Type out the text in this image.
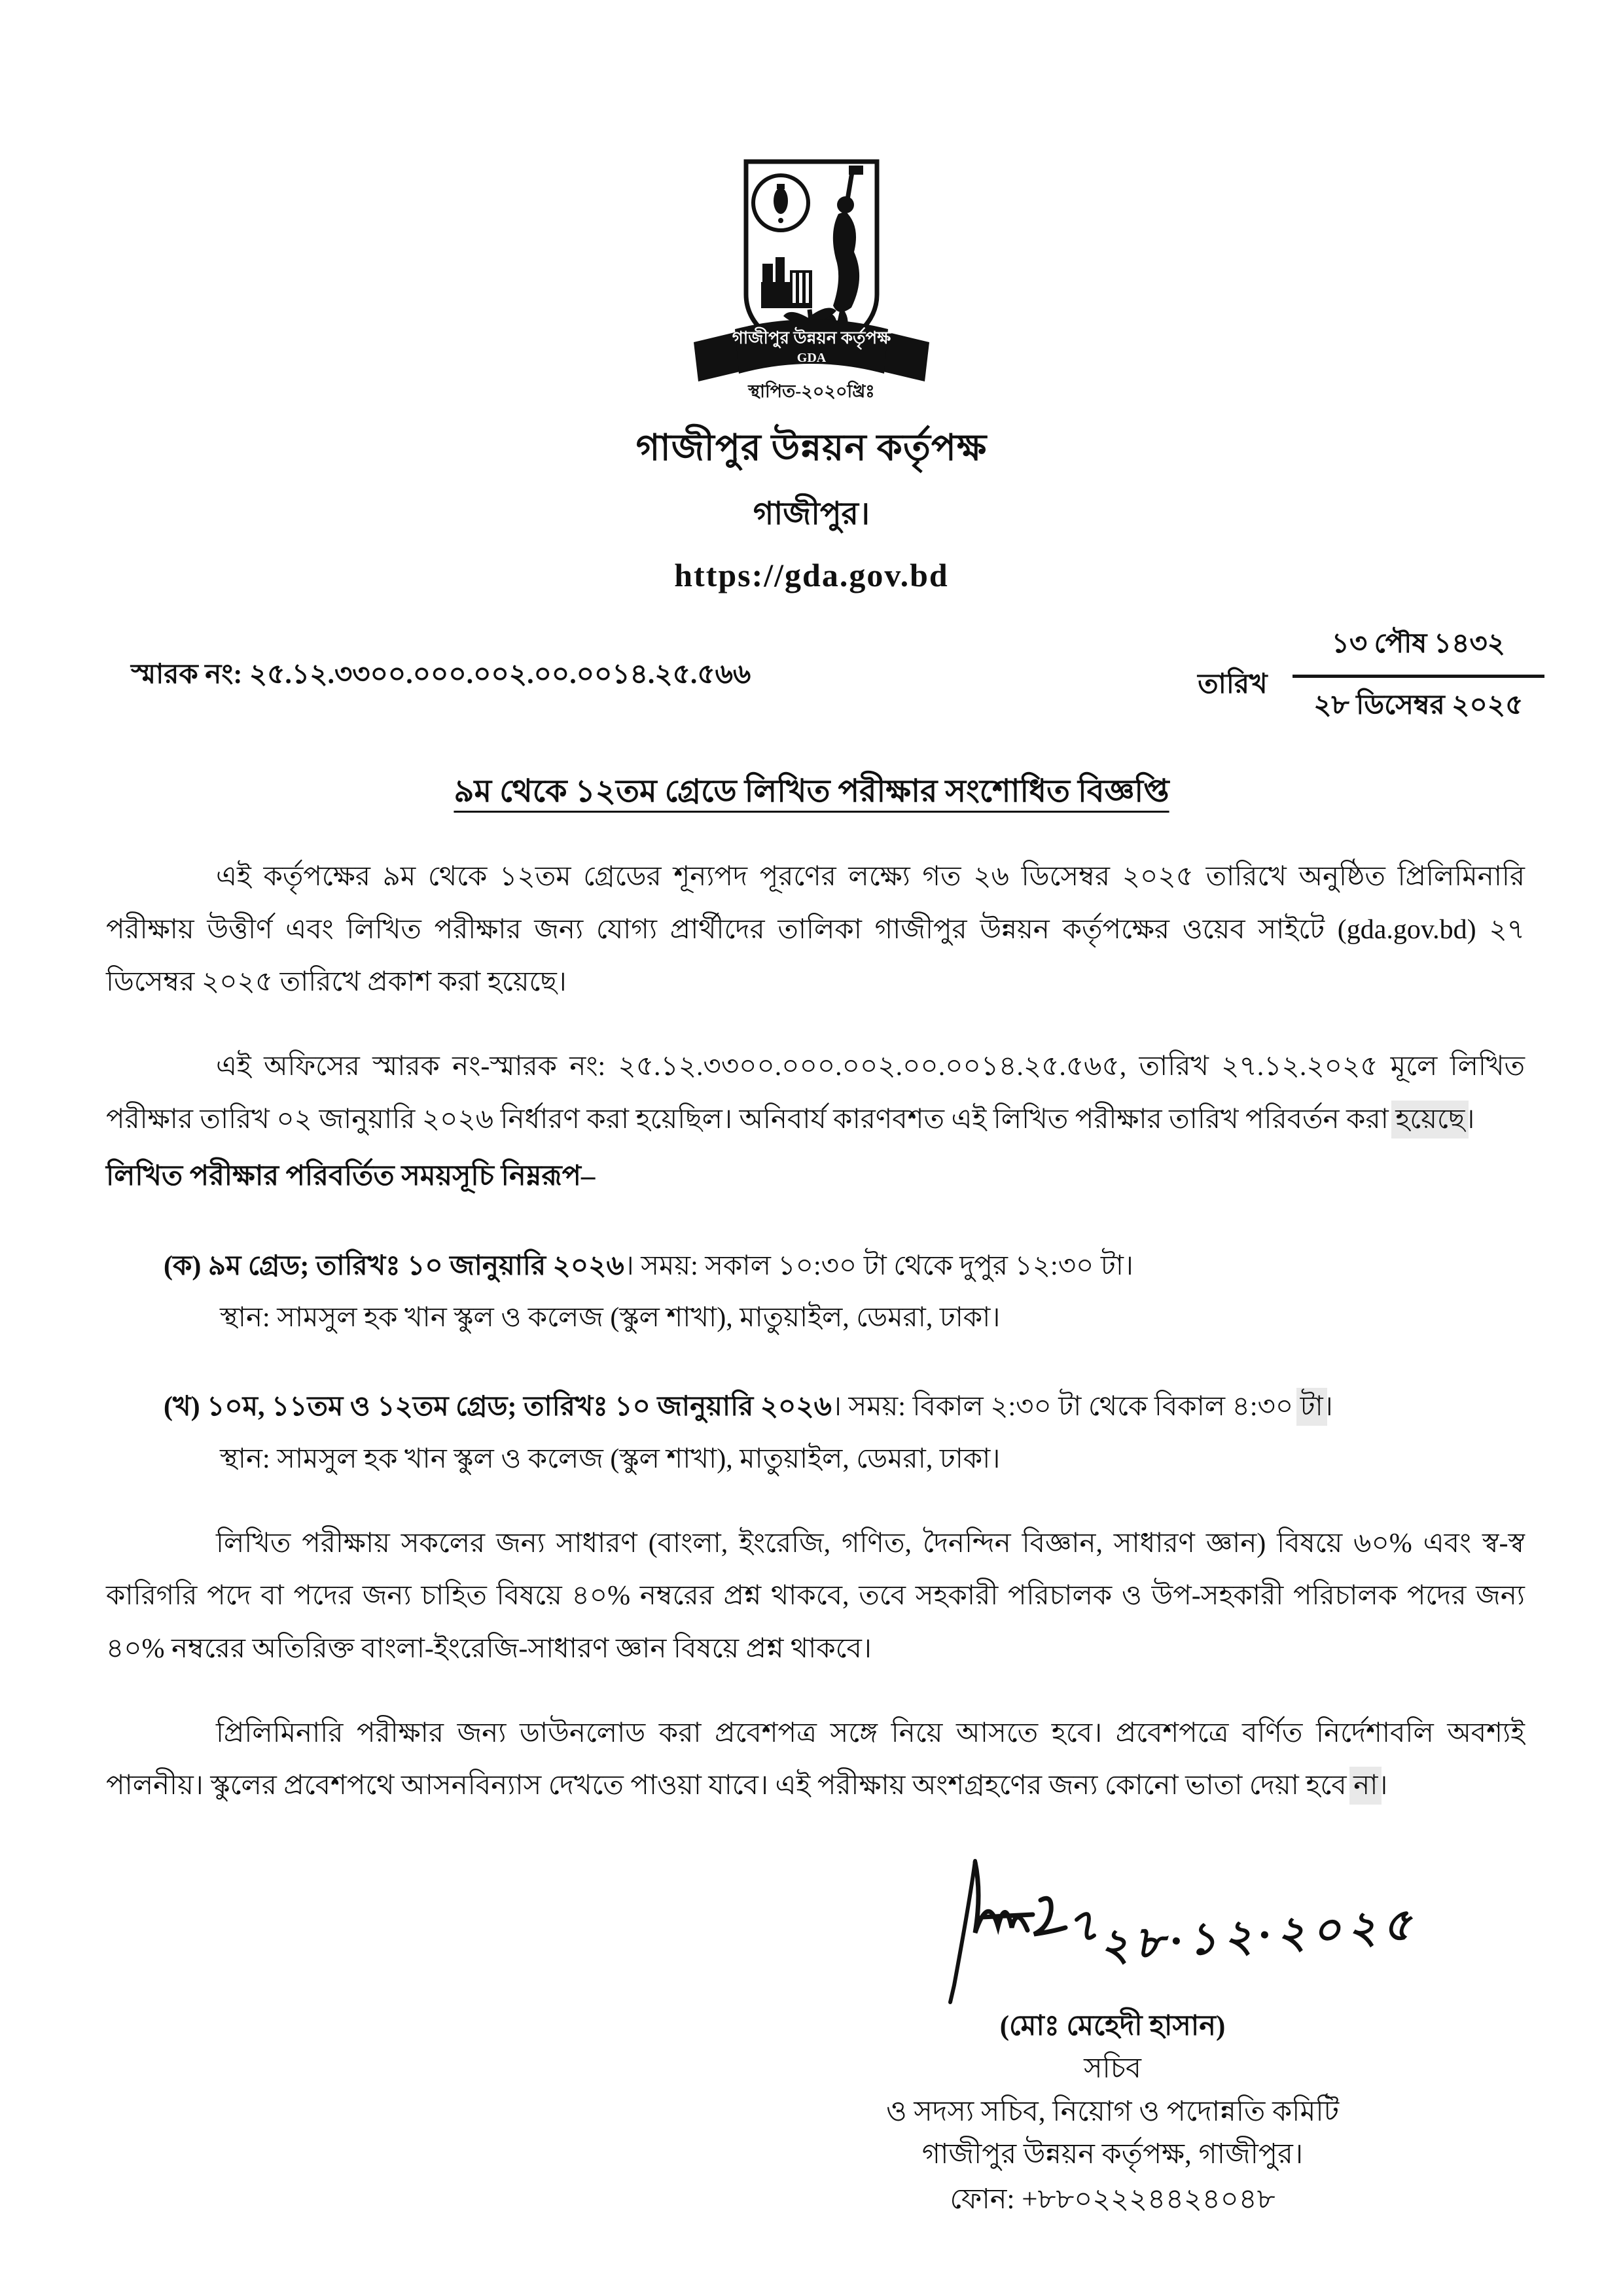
গাজীপুর উন্নয়ন কর্তৃপক্ষ
GDA
স্থাপিত-২০২০খ্রিঃ
গাজীপুর উন্নয়ন কর্তৃপক্ষ
গাজীপুর।
https://gda.gov.bd
স্মারক নং: ২৫.১২.৩৩০০.০০০.০০২.০০.০০১৪.২৫.৫৬৬	তারিখ $\frac{\text{১৩ পৌষ ১৪৩২}}{\text{২৮ ডিসেম্বর ২০২৫}}$
৯ম থেকে ১২তম গ্রেডে লিখিত পরীক্ষার সংশোধিত বিজ্ঞপ্তি

এই কর্তৃপক্ষের ৯ম থেকে ১২তম গ্রেডের শূন্যপদ পূরণের লক্ষ্যে গত ২৬ ডিসেম্বর ২০২৫ তারিখে অনুষ্ঠিত প্রিলিমিনারি পরীক্ষায় উত্তীর্ণ এবং লিখিত পরীক্ষার জন্য যোগ্য প্রার্থীদের তালিকা গাজীপুর উন্নয়ন কর্তৃপক্ষের ওয়েব সাইটে (gda.gov.bd) ২৭ ডিসেম্বর ২০২৫ তারিখে প্রকাশ করা হয়েছে।

এই অফিসের স্মারক নং-স্মারক নং: ২৫.১২.৩৩০০.০০০.০০২.০০.০০১৪.২৫.৫৬৫, তারিখ ২৭.১২.২০২৫ মূলে লিখিত পরীক্ষার তারিখ ০২ জানুয়ারি ২০২৬ নির্ধারণ করা হয়েছিল। অনিবার্য কারণবশত এই লিখিত পরীক্ষার তারিখ পরিবর্তন করা হয়েছে।

লিখিত পরীক্ষার পরিবর্তিত সময়সূচি নিম্নরূপ–

(ক) ৯ম গ্রেড; তারিখঃ ১০ জানুয়ারি ২০২৬। সময়: সকাল ১০:৩০ টা থেকে দুপুর ১২:৩০ টা।
স্থান: সামসুল হক খান স্কুল ও কলেজ (স্কুল শাখা), মাতুয়াইল, ডেমরা, ঢাকা।
(খ) ১০ম, ১১তম ও ১২তম গ্রেড; তারিখঃ ১০ জানুয়ারি ২০২৬। সময়: বিকাল ২:৩০ টা থেকে বিকাল ৪:৩০ টা।
স্থান: সামসুল হক খান স্কুল ও কলেজ (স্কুল শাখা), মাতুয়াইল, ডেমরা, ঢাকা।

লিখিত পরীক্ষায় সকলের জন্য সাধারণ (বাংলা, ইংরেজি, গণিত, দৈনন্দিন বিজ্ঞান, সাধারণ জ্ঞান) বিষয়ে ৬০% এবং স্ব-স্ব কারিগরি পদে বা পদের জন্য চাহিত বিষয়ে ৪০% নম্বরের প্রশ্ন থাকবে, তবে সহকারী পরিচালক ও উপ-সহকারী পরিচালক পদের জন্য ৪০% নম্বরের অতিরিক্ত বাংলা-ইংরেজি-সাধারণ জ্ঞান বিষয়ে প্রশ্ন থাকবে।

প্রিলিমিনারি পরীক্ষার জন্য ডাউনলোড করা প্রবেশপত্র সঙ্গে নিয়ে আসতে হবে। প্রবেশপত্রে বর্ণিত নির্দেশাবলি অবশ্যই পালনীয়। স্কুলের প্রবেশপথে আসনবিন্যাস দেখতে পাওয়া যাবে। এই পরীক্ষায় অংশগ্রহণের জন্য কোনো ভাতা দেয়া হবে না।

২৮·১২·২০২৫
(মোঃ মেহেদী হাসান)
সচিব
ও সদস্য সচিব, নিয়োগ ও পদোন্নতি কমিটি
গাজীপুর উন্নয়ন কর্তৃপক্ষ, গাজীপুর।
ফোন: +৮৮০২২২৪৪২৪০৪৮
